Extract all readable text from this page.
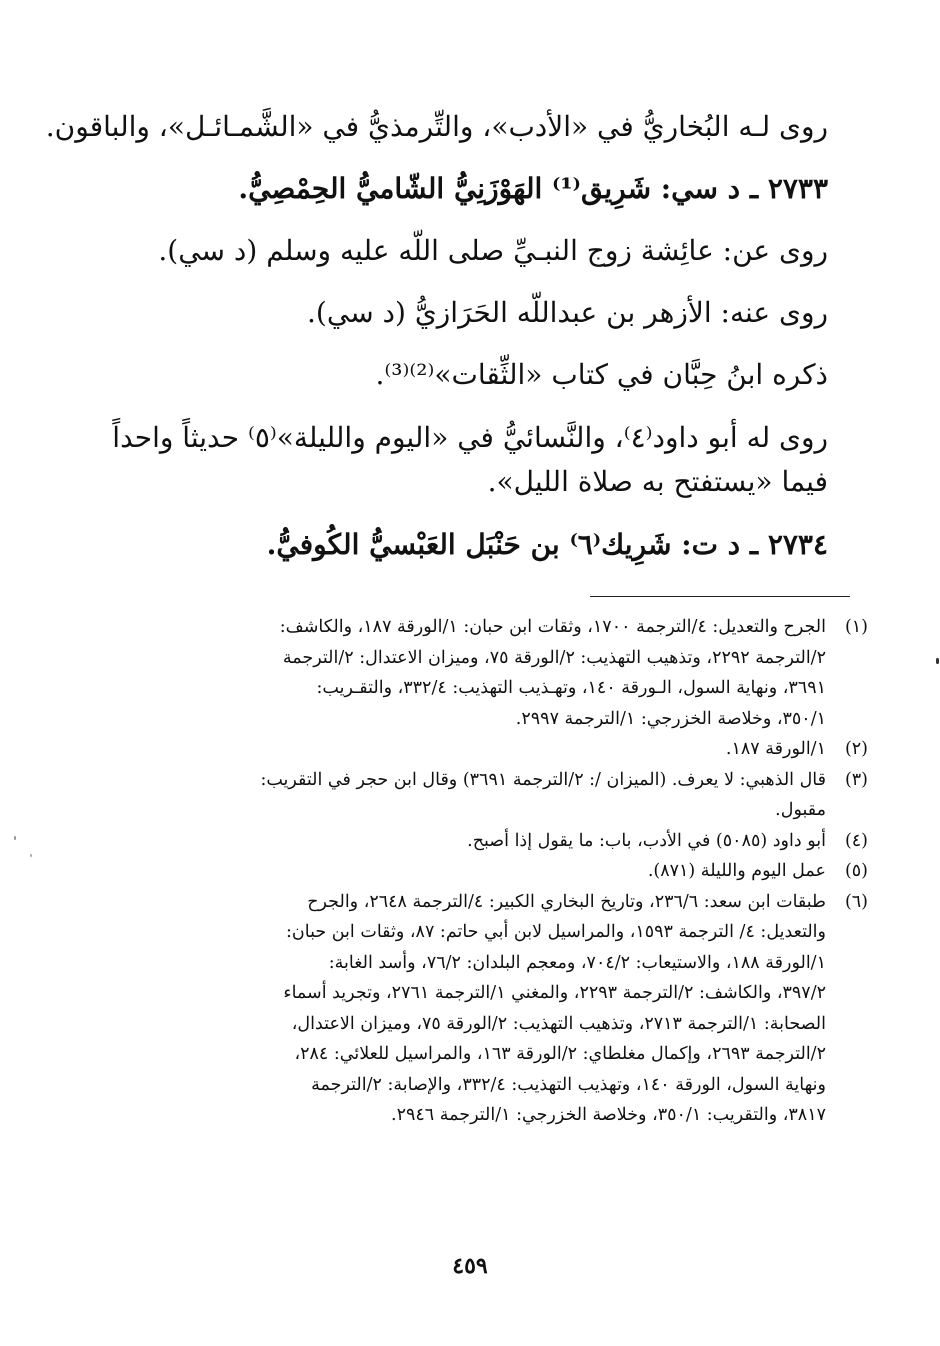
روى لـه البُخاريُّ في «الأدب»، والتِّرمذيُّ في «الشَّمـائـل»، والباقون.

٢٧٣٣ ـ د سي: شَرِيق⁽¹⁾ الهَوْزَنِيُّ الشّاميُّ الحِمْصِيُّ.

روى عن: عائِشة زوج النبـيِّ صلى اللّه عليه وسلم (د سي).

روى عنه: الأزهر بن عبداللّه الحَرَازيُّ (د سي).

ذكره ابنُ حِبَّان في كتاب «الثِّقات»⁽²⁾⁽³⁾.

روى له أبو داود⁽٤⁾، والنَّسائيُّ في «اليوم والليلة»⁽٥⁾ حديثاً واحداً

فيما «يستفتح به صلاة الليل».

٢٧٣٤ ـ د ت: شَرِيك⁽٦⁾ بن حَنْبَل العَبْسيُّ الكُوفيُّ.

(١)
الجرح والتعديل: ٤/الترجمة ١٧٠٠، وثقات ابن حبان: ١/الورقة ١٨٧، والكاشف:
٢/الترجمة ٢٢٩٢، وتذهيب التهذيب: ٢/الورقة ٧٥، وميزان الاعتدال: ٢/الترجمة
٣٦٩١، ونهاية السول، الـورقة ١٤٠، وتهـذيب التهذيب: ٣٣٢/٤، والتقـريب:
٣٥٠/١، وخلاصة الخزرجي: ١/الترجمة ٢٩٩٧.
(٢)
١/الورقة ١٨٧.
(٣)
قال الذهبي: لا يعرف. (الميزان /: ٢/الترجمة ٣٦٩١) وقال ابن حجر في التقريب:
مقبول.
(٤)
أبو داود (٥٠٨٥) في الأدب، باب: ما يقول إذا أصبح.
(٥)
عمل اليوم والليلة (٨٧١).
(٦)
طبقات ابن سعد: ٢٣٦/٦، وتاريخ البخاري الكبير: ٤/الترجمة ٢٦٤٨، والجرح
والتعديل: ٤/ الترجمة ١٥٩٣، والمراسيل لابن أبي حاتم: ٨٧، وثقات ابن حبان:
١/الورقة ١٨٨، والاستيعاب: ٧٠٤/٢، ومعجم البلدان: ٧٦/٢، وأسد الغابة:
٣٩٧/٢، والكاشف: ٢/الترجمة ٢٢٩٣، والمغني ١/الترجمة ٢٧٦١، وتجريد أسماء
الصحابة: ١/الترجمة ٢٧١٣، وتذهيب التهذيب: ٢/الورقة ٧٥، وميزان الاعتدال،
٢/الترجمة ٢٦٩٣، وإكمال مغلطاي: ٢/الورقة ١٦٣، والمراسيل للعلائي: ٢٨٤،
ونهاية السول، الورقة ١٤٠، وتهذيب التهذيب: ٣٣٢/٤، والإصابة: ٢/الترجمة
٣٨١٧، والتقريب: ٣٥٠/١، وخلاصة الخزرجي: ١/الترجمة ٢٩٤٦.
٤٥٩
